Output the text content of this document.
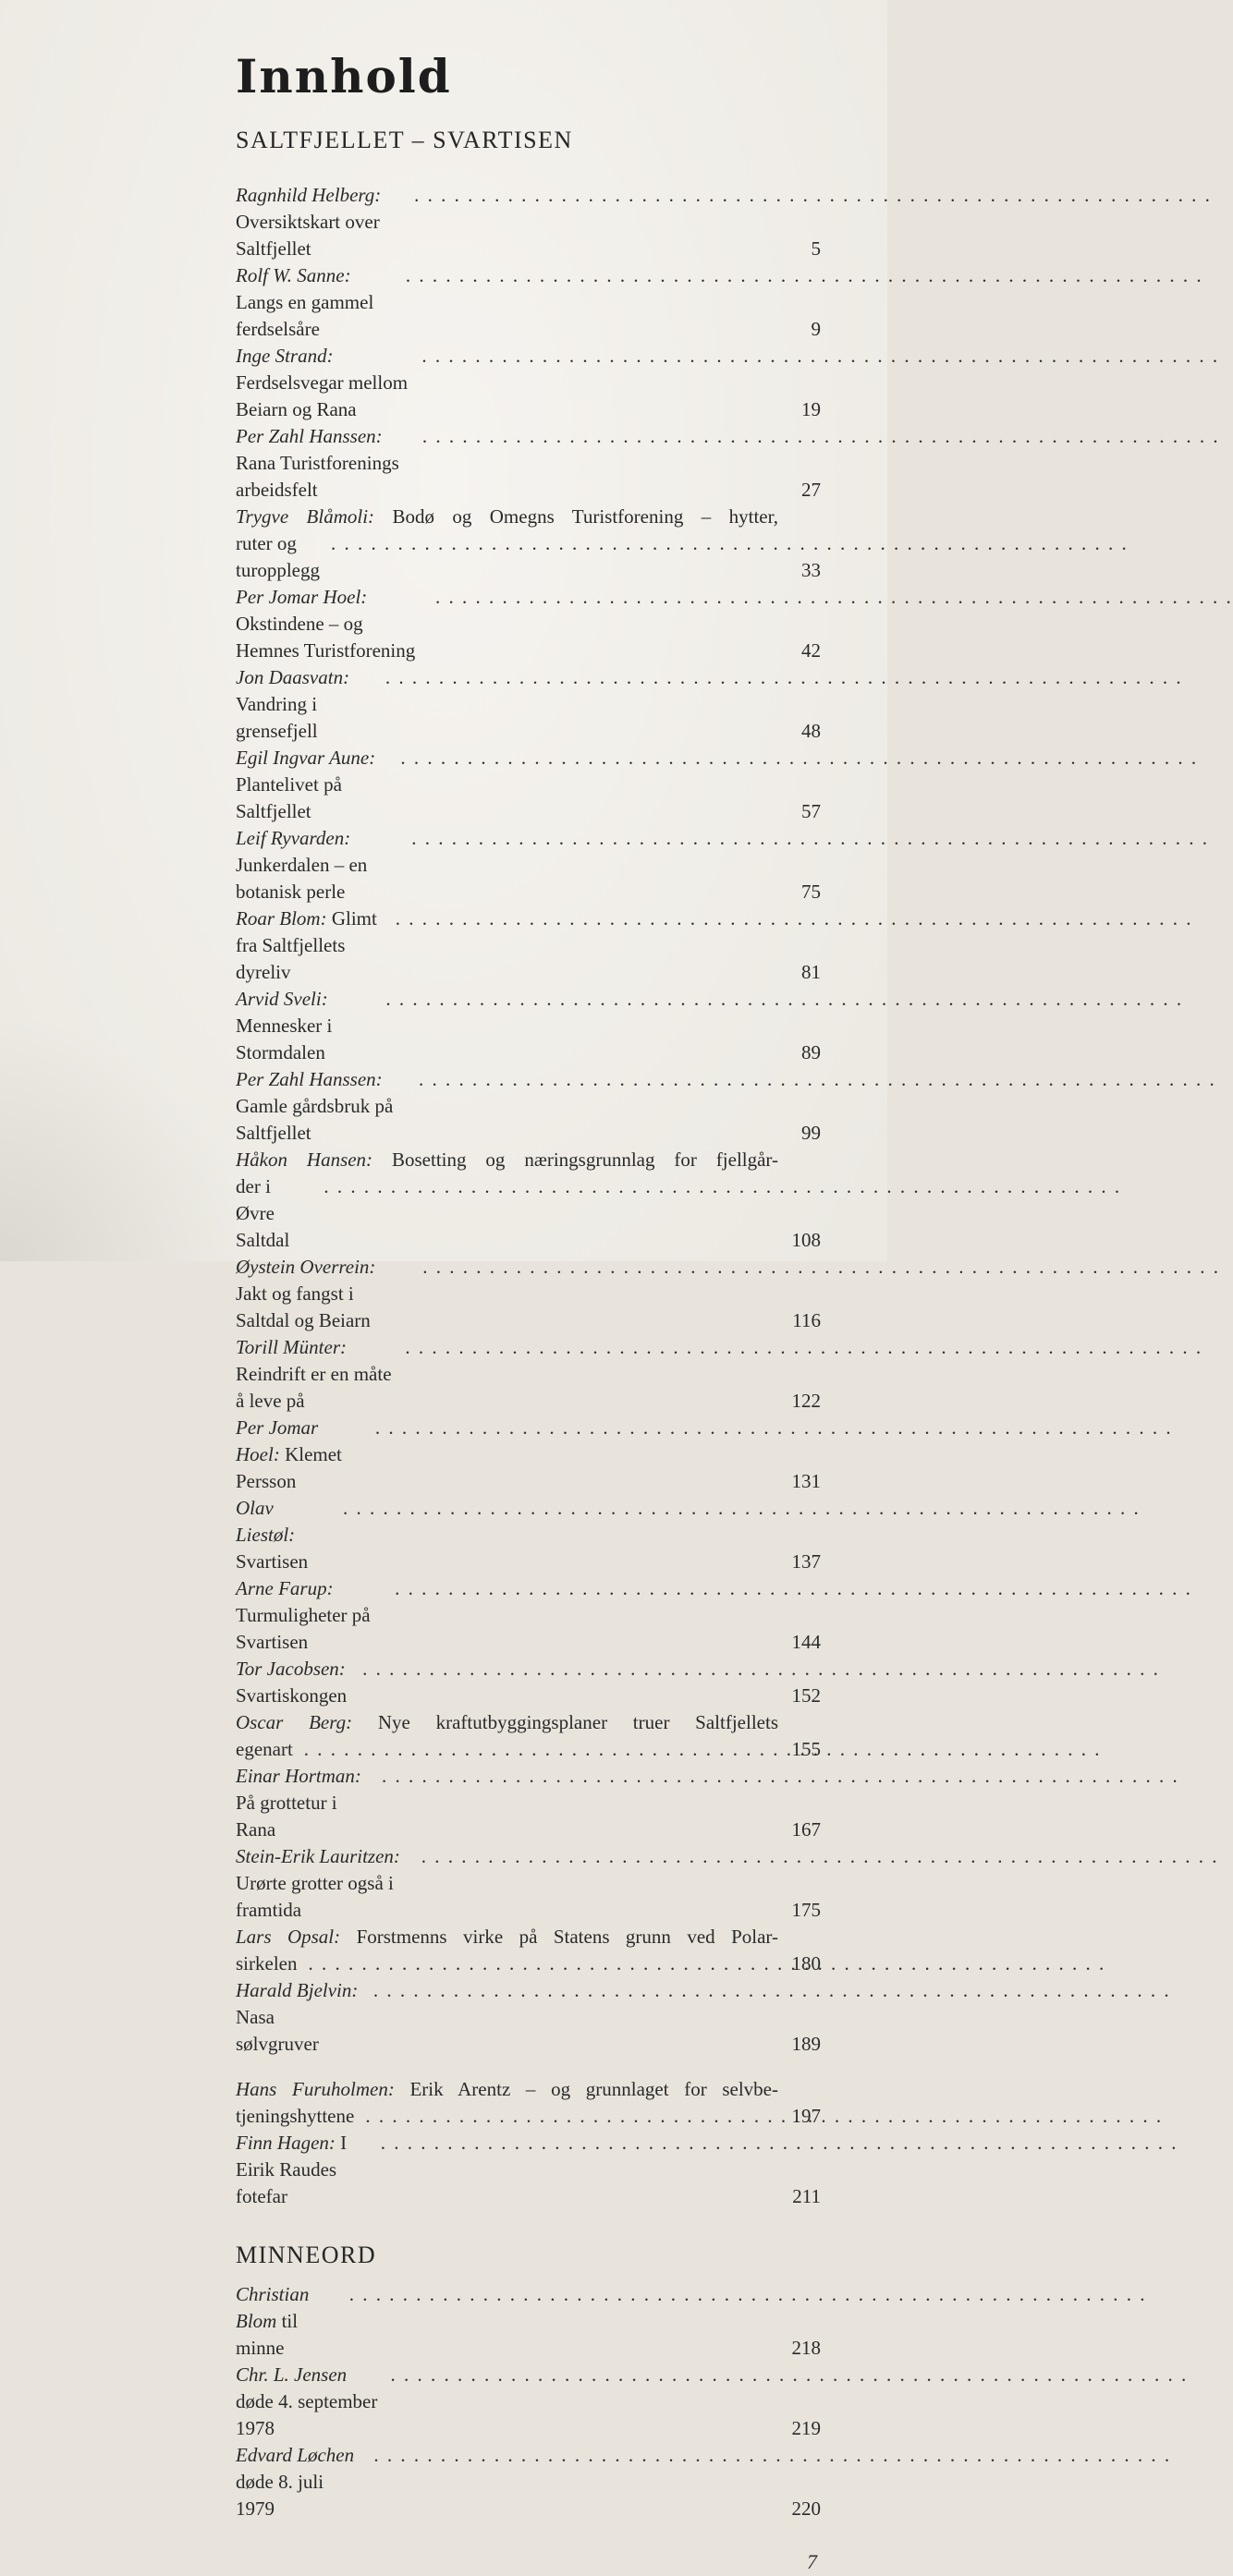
Innhold
SALTFJELLET – SVARTISEN
Ragnhild Helberg: Oversiktskart over Saltfjellet
. . .	5
Rolf W. Sanne: Langs en gammel ferdselsåre
. . .	9
Inge Strand: Ferdselsvegar mellom Beiarn og Rana
. . .	19
Per Zahl Hanssen: Rana Turistforenings arbeidsfelt
. . .	27
Trygve Blåmoli: Bodø og Omegns Turistforening – hytter,
ruter og turopplegg
. . .	33
Per Jomar Hoel: Okstindene – og Hemnes Turistforening
. . .	42
Jon Daasvatn: Vandring i grensefjell
. . .	48
Egil Ingvar Aune: Plantelivet på Saltfjellet
. . .	57
Leif Ryvarden: Junkerdalen – en botanisk perle
. . .	75
Roar Blom: Glimt fra Saltfjellets dyreliv
. . .	81
Arvid Sveli: Mennesker i Stormdalen
. . .	89
Per Zahl Hanssen: Gamle gårdsbruk på Saltfjellet
. . .	99
Håkon Hansen: Bosetting og næringsgrunnlag for fjellgår-
der i Øvre Saltdal
. . .	108
Øystein Overrein: Jakt og fangst i Saltdal og Beiarn
. . .	116
Torill Münter: Reindrift er en måte å leve på
. . .	122
Per Jomar Hoel: Klemet Persson
. . .	131
Olav Liestøl: Svartisen
. . .	137
Arne Farup: Turmuligheter på Svartisen
. . .	144
Tor Jacobsen: Svartiskongen
. . .	152
Oscar Berg: Nye kraftutbyggingsplaner truer Saltfjellets
egenart . . .	155
Einar Hortman: På grottetur i Rana
. . .	167
Stein-Erik Lauritzen: Urørte grotter også i framtida
. . .	175
Lars Opsal: Forstmenns virke på Statens grunn ved Polar-
sirkelen . . .	180
Harald Bjelvin: Nasa sølvgruver
. . .	189
Hans Furuholmen: Erik Arentz – og grunnlaget for selvbe-
tjeningshyttene . . .	197
Finn Hagen: I Eirik Raudes fotefar
. . .	211
MINNEORD
Christian Blom til minne
. . .	218
Chr. L. Jensen døde 4. september 1978
. . .	219
Edvard Løchen døde 8. juli 1979
. . .	220
7
